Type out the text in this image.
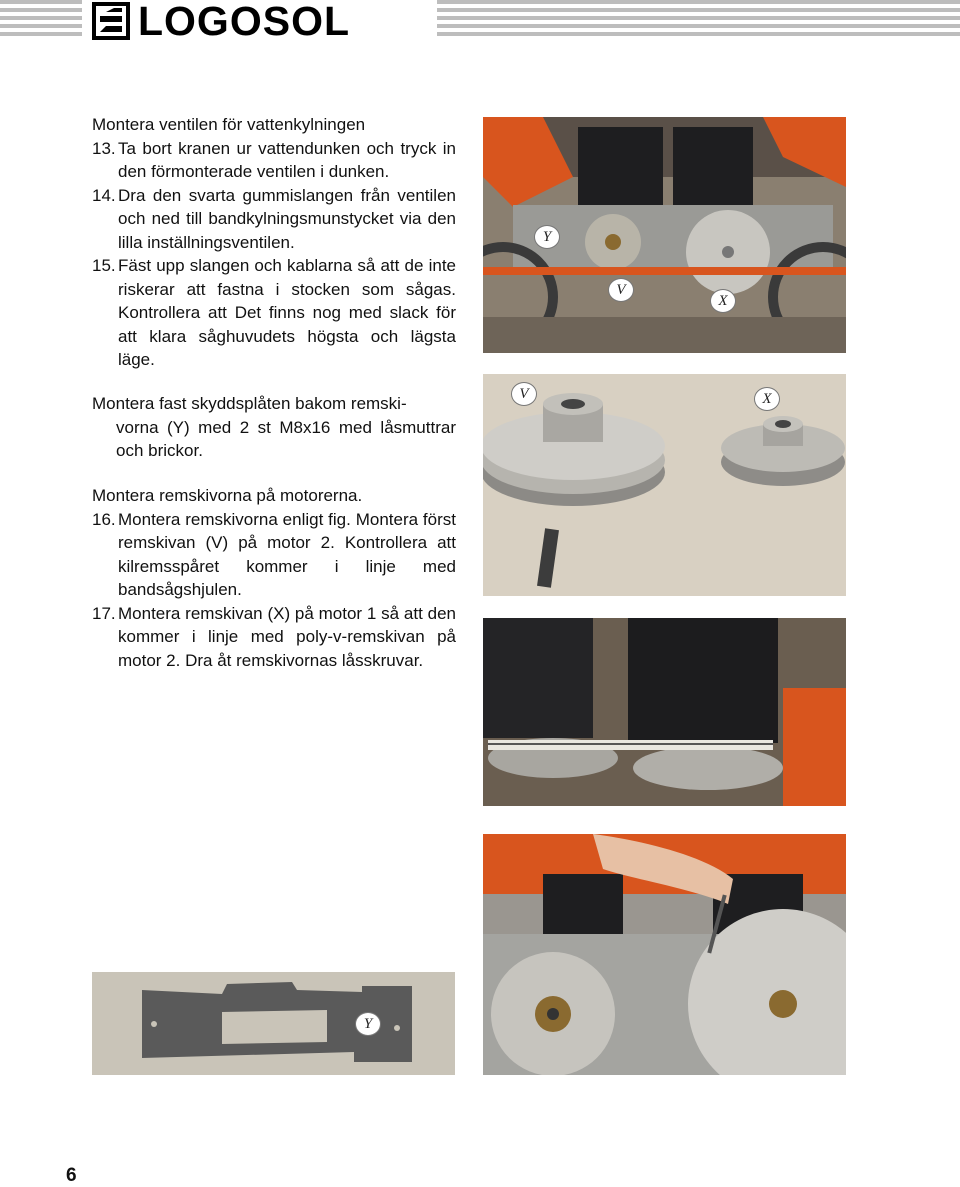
LOGOSOL

Montera ventilen för vattenkylningen

13. Ta bort kranen ur vattendunken och tryck in den förmonterade ventilen i dunken.
14. Dra den svarta gummislangen från ventilen och ned till bandkylningsmunstycket via den lilla inställningsventilen.
15. Fäst upp slangen och kablarna så att de inte riskerar att fastna i stocken som sågas. Kontrollera att Det finns nog med slack för att klara såghuvudets högsta och lägsta läge.

Montera fast skyddsplåten bakom remski-

vorna (Y) med 2 st M8x16 med låsmuttrar och brickor.

Montera remskivorna på motorerna.

16. Montera remskivorna enligt fig. Montera först remskivan (V) på motor 2. Kontrollera att kilremsspåret kommer i linje med bandsågshjulen.
17. Montera remskivan (X) på motor 1 så att den kommer i linje med poly-v-remskivan på motor 2. Dra åt remskivornas låsskruvar.
Y
V
X
V	X
Y
6
